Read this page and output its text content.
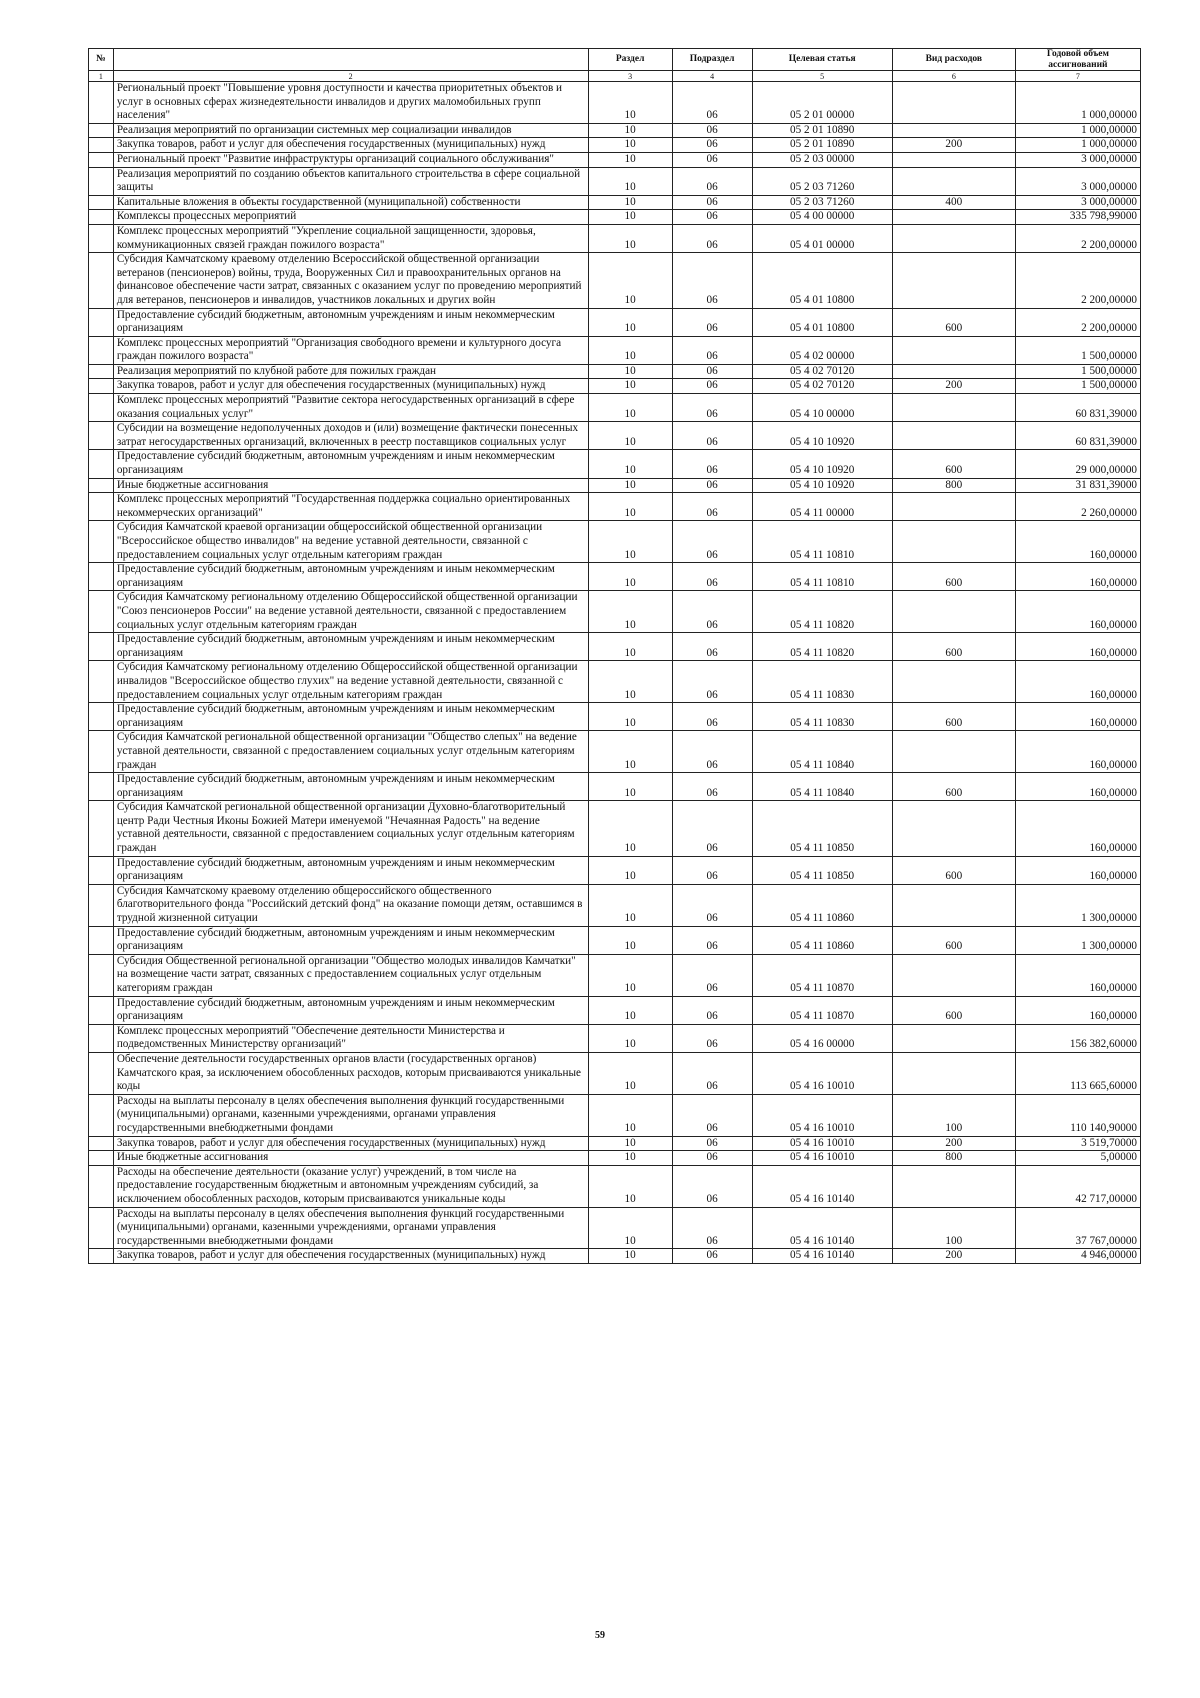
№		Раздел	Подраздел	Целевая статья	Вид расходов	Годовой объем ассигнований
1	2	3	4	5	6	7
	Региональный проект "Повышение уровня доступности и качества приоритетных объектов и услуг в основных сферах жизнедеятельности инвалидов и других маломобильных групп населения"	10	06	05 2 01 00000		1 000,00000
	Реализация мероприятий по организации системных мер социализации инвалидов	10	06	05 2 01 10890		1 000,00000
	Закупка товаров, работ и услуг для обеспечения государственных (муниципальных) нужд	10	06	05 2 01 10890	200	1 000,00000
	Региональный проект "Развитие инфраструктуры организаций социального обслуживания"	10	06	05 2 03 00000		3 000,00000
	Реализация мероприятий по созданию объектов капитального строительства в сфере социальной защиты	10	06	05 2 03 71260		3 000,00000
	Капитальные вложения в объекты государственной (муниципальной) собственности	10	06	05 2 03 71260	400	3 000,00000
	Комплексы процессных мероприятий	10	06	05 4 00 00000		335 798,99000
	Комплекс процессных мероприятий "Укрепление социальной защищенности, здоровья, коммуникационных связей граждан пожилого возраста"	10	06	05 4 01 00000		2 200,00000
	Субсидия Камчатскому краевому отделению Всероссийской общественной организации ветеранов (пенсионеров) войны, труда, Вооруженных Сил и правоохранительных органов на финансовое обеспечение части затрат, связанных с оказанием услуг по проведению мероприятий для ветеранов, пенсионеров и инвалидов, участников локальных и других войн	10	06	05 4 01 10800		2 200,00000
	Предоставление субсидий бюджетным, автономным учреждениям и иным некоммерческим организациям	10	06	05 4 01 10800	600	2 200,00000
	Комплекс процессных мероприятий "Организация свободного времени и культурного досуга граждан пожилого возраста"	10	06	05 4 02 00000		1 500,00000
	Реализация мероприятий по клубной работе для пожилых граждан	10	06	05 4 02 70120		1 500,00000
	Закупка товаров, работ и услуг для обеспечения государственных (муниципальных) нужд	10	06	05 4 02 70120	200	1 500,00000
	Комплекс процессных мероприятий "Развитие сектора негосударственных организаций в сфере оказания социальных услуг"	10	06	05 4 10 00000		60 831,39000
	Субсидии на возмещение недополученных доходов и (или) возмещение фактически понесенных затрат негосударственных организаций, включенных в реестр поставщиков социальных услуг	10	06	05 4 10 10920		60 831,39000
	Предоставление субсидий бюджетным, автономным учреждениям и иным некоммерческим организациям	10	06	05 4 10 10920	600	29 000,00000
	Иные бюджетные ассигнования	10	06	05 4 10 10920	800	31 831,39000
	Комплекс процессных мероприятий "Государственная поддержка социально ориентированных некоммерческих организаций"	10	06	05 4 11 00000		2 260,00000
	Субсидия Камчатской краевой организации общероссийской общественной организации "Всероссийское общество инвалидов" на ведение уставной деятельности, связанной с предоставлением социальных услуг отдельным категориям граждан	10	06	05 4 11 10810		160,00000
	Предоставление субсидий бюджетным, автономным учреждениям и иным некоммерческим организациям	10	06	05 4 11 10810	600	160,00000
	Субсидия Камчатскому региональному отделению Общероссийской общественной организации "Союз пенсионеров России" на ведение уставной деятельности, связанной с предоставлением социальных услуг отдельным категориям граждан	10	06	05 4 11 10820		160,00000
	Предоставление субсидий бюджетным, автономным учреждениям и иным некоммерческим организациям	10	06	05 4 11 10820	600	160,00000
	Субсидия Камчатскому региональному отделению Общероссийской общественной организации инвалидов "Всероссийское общество глухих" на ведение уставной деятельности, связанной с предоставлением социальных услуг отдельным категориям граждан	10	06	05 4 11 10830		160,00000
	Предоставление субсидий бюджетным, автономным учреждениям и иным некоммерческим организациям	10	06	05 4 11 10830	600	160,00000
	Субсидия Камчатской региональной общественной организации "Общество слепых" на ведение уставной деятельности, связанной с предоставлением социальных услуг отдельным категориям граждан	10	06	05 4 11 10840		160,00000
	Предоставление субсидий бюджетным, автономным учреждениям и иным некоммерческим организациям	10	06	05 4 11 10840	600	160,00000
	Субсидия Камчатской региональной общественной организации Духовно-благотворительный центр Ради Честныя Иконы Божией Матери именуемой "Нечаянная Радость" на ведение уставной деятельности, связанной с предоставлением социальных услуг отдельным категориям граждан	10	06	05 4 11 10850		160,00000
	Предоставление субсидий бюджетным, автономным учреждениям и иным некоммерческим организациям	10	06	05 4 11 10850	600	160,00000
	Субсидия Камчатскому краевому отделению общероссийского общественного благотворительного фонда "Российский детский фонд" на оказание помощи детям, оставшимся в трудной жизненной ситуации	10	06	05 4 11 10860		1 300,00000
	Предоставление субсидий бюджетным, автономным учреждениям и иным некоммерческим организациям	10	06	05 4 11 10860	600	1 300,00000
	Субсидия Общественной региональной организации "Общество молодых инвалидов Камчатки" на возмещение части затрат, связанных с предоставлением социальных услуг отдельным категориям граждан	10	06	05 4 11 10870		160,00000
	Предоставление субсидий бюджетным, автономным учреждениям и иным некоммерческим организациям	10	06	05 4 11 10870	600	160,00000
	Комплекс процессных мероприятий "Обеспечение деятельности Министерства и подведомственных Министерству организаций"	10	06	05 4 16 00000		156 382,60000
	Обеспечение деятельности государственных органов власти (государственных органов) Камчатского края, за исключением обособленных расходов, которым присваиваются уникальные коды	10	06	05 4 16 10010		113 665,60000
	Расходы на выплаты персоналу в целях обеспечения выполнения функций государственными (муниципальными) органами, казенными учреждениями, органами управления государственными внебюджетными фондами	10	06	05 4 16 10010	100	110 140,90000
	Закупка товаров, работ и услуг для обеспечения государственных (муниципальных) нужд	10	06	05 4 16 10010	200	3 519,70000
	Иные бюджетные ассигнования	10	06	05 4 16 10010	800	5,00000
	Расходы на обеспечение деятельности (оказание услуг) учреждений, в том числе на предоставление государственным бюджетным и автономным учреждениям субсидий, за исключением обособленных расходов, которым присваиваются уникальные коды	10	06	05 4 16 10140		42 717,00000
	Расходы на выплаты персоналу в целях обеспечения выполнения функций государственными (муниципальными) органами, казенными учреждениями, органами управления государственными внебюджетными фондами	10	06	05 4 16 10140	100	37 767,00000
	Закупка товаров, работ и услуг для обеспечения государственных (муниципальных) нужд	10	06	05 4 16 10140	200	4 946,00000
59
